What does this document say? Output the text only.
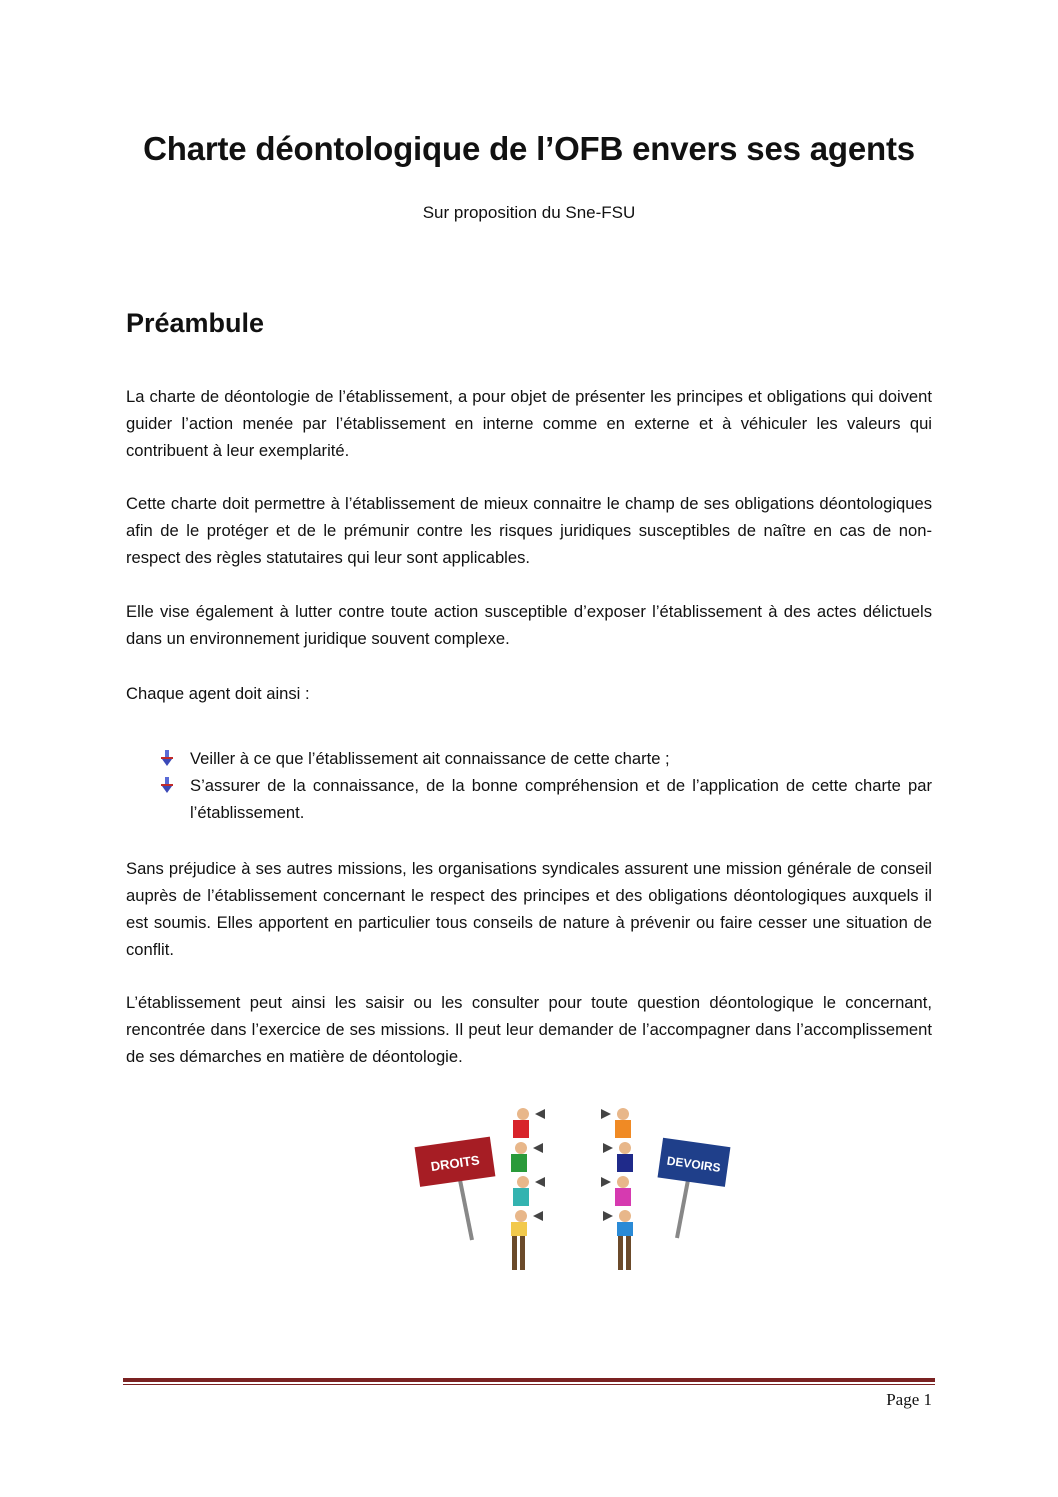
Charte déontologique de l’OFB envers ses agents
Sur proposition du Sne-FSU
Préambule

La charte de déontologie de l’établissement, a pour objet de présenter les principes et obligations qui doivent guider l’action menée par l’établissement en interne comme en externe et à véhiculer les valeurs qui contribuent à leur exemplarité.

Cette charte doit permettre à l’établissement de mieux connaitre le champ de ses obligations déontologiques afin de le protéger et de le prémunir contre les risques juridiques susceptibles de naître en cas de non-respect des règles statutaires qui leur sont applicables.

Elle vise également à lutter contre toute action susceptible d’exposer l’établissement à des actes délictuels dans un environnement juridique souvent complexe.

Chaque agent doit ainsi :

Veiller à ce que l’établissement ait connaissance de cette charte ;
S’assurer de la connaissance, de la bonne compréhension et de l’application de cette charte par l’établissement.

Sans préjudice à ses autres missions, les organisations syndicales assurent une mission générale de conseil auprès de l’établissement concernant le respect des principes et des obligations déontologiques auxquels il est soumis. Elles apportent en particulier tous conseils de nature à prévenir ou faire cesser une situation de conflit.

L’établissement peut ainsi les saisir ou les consulter pour toute question déontologique le concernant, rencontrée dans l’exercice de ses missions. Il peut leur demander de l’accompagner dans l’accomplissement de ses démarches en matière de déontologie.

DROITS	DEVOIRS
Page 1
